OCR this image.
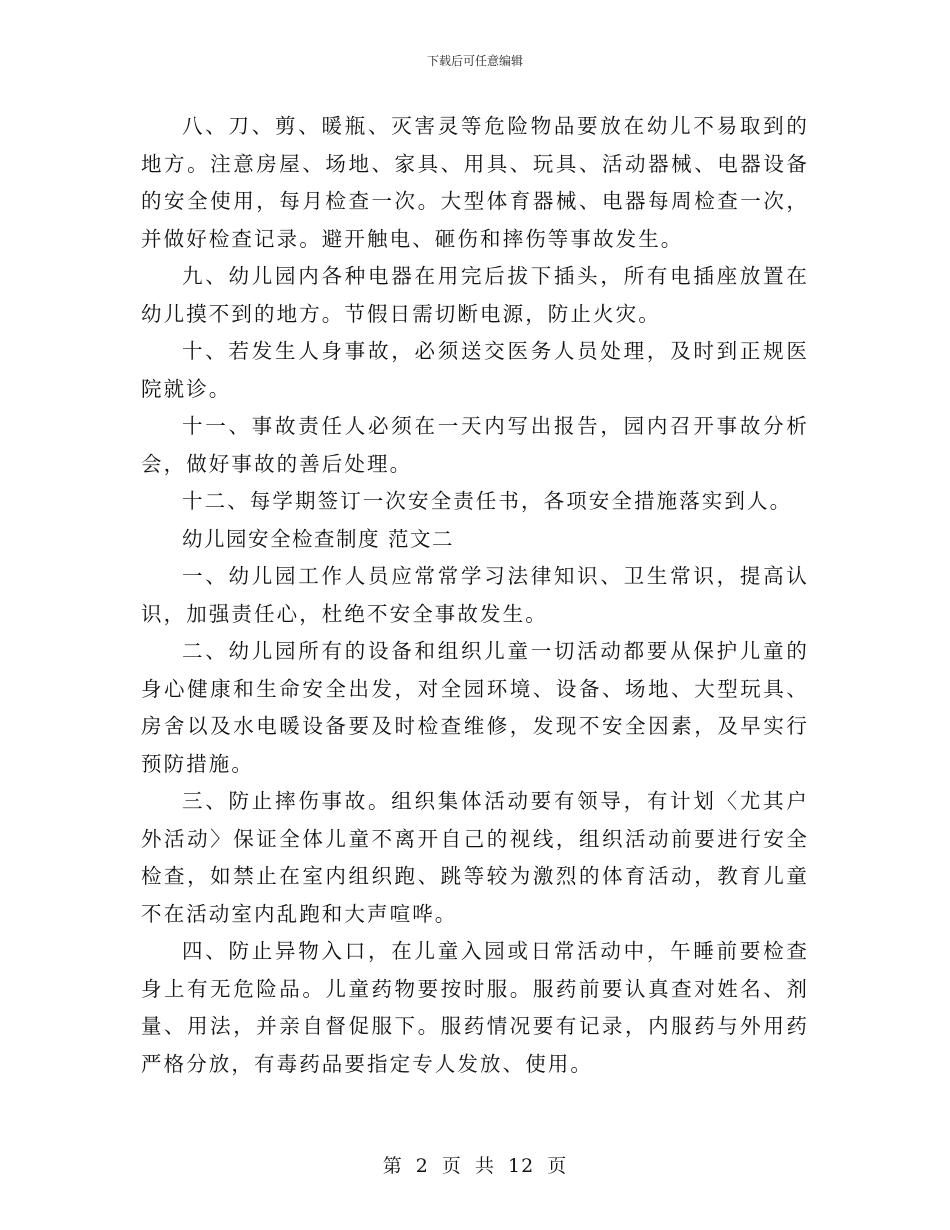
下载后可任意编辑

八、刀、剪、暖瓶、灭害灵等危险物品要放在幼儿不易取到的地方。注意房屋、场地、家具、用具、玩具、活动器械、电器设备的安全使用，每月检查一次。大型体育器械、电器每周检查一次，并做好检查记录。避开触电、砸伤和摔伤等事故发生。

九、幼儿园内各种电器在用完后拔下插头，所有电插座放置在幼儿摸不到的地方。节假日需切断电源，防止火灾。

十、若发生人身事故，必须送交医务人员处理，及时到正规医院就诊。

十一、事故责任人必须在一天内写出报告，园内召开事故分析会，做好事故的善后处理。

十二、每学期签订一次安全责任书，各项安全措施落实到人。

幼儿园安全检查制度 范文二

一、幼儿园工作人员应常常学习法律知识、卫生常识，提高认识，加强责任心，杜绝不安全事故发生。

二、幼儿园所有的设备和组织儿童一切活动都要从保护儿童的身心健康和生命安全出发，对全园环境、设备、场地、大型玩具、房舍以及水电暖设备要及时检查维修，发现不安全因素，及早实行预防措施。

三、防止摔伤事故。组织集体活动要有领导，有计划〈尤其户外活动〉保证全体儿童不离开自己的视线，组织活动前要进行安全检查，如禁止在室内组织跑、跳等较为激烈的体育活动，教育儿童不在活动室内乱跑和大声喧哗。

四、防止异物入口，在儿童入园或日常活动中，午睡前要检查身上有无危险品。儿童药物要按时服。服药前要认真查对姓名、剂量、用法，并亲自督促服下。服药情况要有记录，内服药与外用药严格分放，有毒药品要指定专人发放、使用。

第 2 页 共 12 页
